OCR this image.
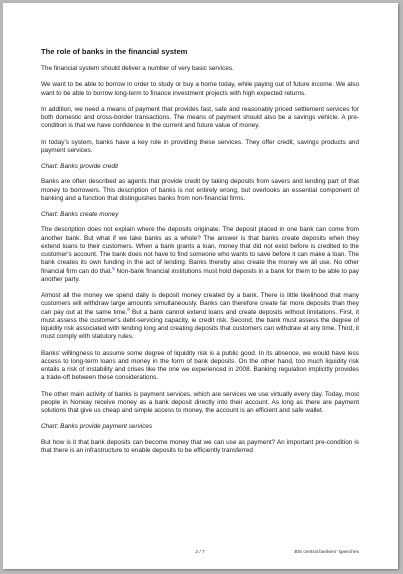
The role of banks in the financial system

The financial system should deliver a number of very basic services.

We want to be able to borrow in order to study or buy a home today, while paying out of future income. We also want to be able to borrow long-term to finance investment projects with high expected returns.

In addition, we need a means of payment that provides fast, safe and reasonably priced settlement services for both domestic and cross-border transactions. The means of payment should also be a savings vehicle. A pre-condition is that we have confidence in the current and future value of money.

In today's system, banks have a key role in providing these services. They offer credit, savings products and payment services.

Chart: Banks provide credit

Banks are often described as agents that provide credit by taking deposits from savers and lending part of that money to borrowers. This description of banks is not entirely wrong, but overlooks an essential component of banking and a function that distinguishes banks from non-financial firms.

Chart: Banks create money

The description does not explain where the deposits originate. The deposit placed in one bank can come from another bank. But what if we take banks as a whole? The answer is that banks create deposits when they extend loans to their customers. When a bank grants a loan, money that did not exist before is credited to the customer's account. The bank does not have to find someone who wants to save before it can make a loan. The bank creates its own funding in the act of lending. Banks thereby also create the money we all use. No other financial firm can do that.$^5$ Non-bank financial institutions must hold deposits in a bank for them to be able to pay another party.

Almost all the money we spend daily is deposit money created by a bank. There is little likelihood that many customers will withdraw large amounts simultaneously. Banks can therefore create far more deposits than they can pay out at the same time.$^6$ But a bank cannot extend loans and create deposits without limitations. First, it must assess the customer's debt-servicing capacity, ie credit risk. Second, the bank must assess the degree of liquidity risk associated with lending long and creating deposits that customers can withdraw at any time. Third, it must comply with statutory rules.

Banks' willingness to assume some degree of liquidity risk is a public good. In its absence, we would have less access to long-term loans and money in the form of bank deposits. On the other hand, too much liquidity risk entails a risk of instability and crises like the one we experienced in 2008. Banking regulation implicitly provides a trade-off between these considerations.

The other main activity of banks is payment services, which are services we use virtually every day. Today, most people in Norway receive money as a bank deposit directly into their account. As long as there are payment solutions that give us cheap and simple access to money, the account is an efficient and safe wallet.

Chart: Banks provide payment services

But how is it that bank deposits can become money that we can use as payment? An important pre-condition is that there is an infrastructure to enable deposits to be efficiently transferred

2 / 7	BIS central bankers' speeches
